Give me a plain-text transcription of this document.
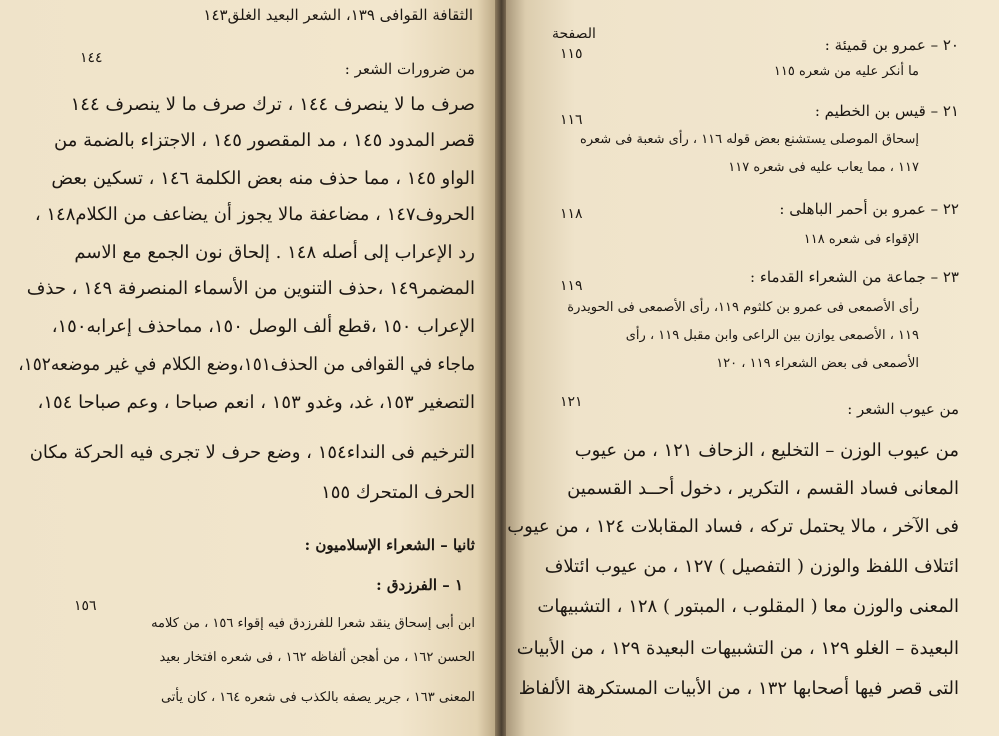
الثقافة القوافى ١٣٩، الشعر البعيد الغلق١٤٣
١٤٤
من ضرورات الشعر :
صرف ما لا ينصرف ١٤٤ ، ترك صرف ما لا ينصرف ١٤٤
قصر المدود ١٤٥ ، مد المقصور ١٤٥ ، الاجتزاء بالضمة من
الواو ١٤٥ ، مما حذف منه بعض الكلمة ١٤٦ ، تسكين بعض
الحروف١٤٧ ، مضاعفة مالا يجوز أن يضاعف من الكلام١٤٨ ،
رد الإعراب إلى أصله ١٤٨ . إلحاق نون الجمع مع الاسم
المضمر١٤٩ ،حذف التنوين من الأسماء المنصرفة ١٤٩ ، حذف
الإعراب ١٥٠ ،قطع ألف الوصل ١٥٠، مماحذف إعرابه١٥٠،
ماجاء في القوافى من الحذف١٥١،وضع الكلام في غير موضعه١٥٢،
التصغير ١٥٣، غد، وغدو ١٥٣ ، انعم صباحا ، وعم صباحا ١٥٤،
الترخيم فى النداء١٥٤ ، وضع حرف لا تجرى فيه الحركة مكان
الحرف المتحرك ١٥٥
ثانيا – الشعراء الإسلاميون :
١ – الفرزدق :
١٥٦
ابن أبى إسحاق ينقد شعرا للفرزدق فيه إقواء ١٥٦ ، من كلامه
الحسن ١٦٢ ، من أهجن ألفاظه ١٦٢ ، فى شعره افتخار بعيد
المعنى ١٦٣ ، جرير يصفه بالكذب فى شعره ١٦٤ ، كان يأتى
الصفحة
٢٠ – عمرو بن قميئة :
١١٥
ما أنكر عليه من شعره ١١٥
٢١ – قيس بن الخطيم :
١١٦
إسحاق الموصلى يستشنع بعض قوله ١١٦ ، رأى شعبة فى شعره
١١٧ ، مما يعاب عليه فى شعره ١١٧
٢٢ – عمرو بن أحمر الباهلى :
١١٨
الإقواء فى شعره ١١٨
٢٣ – جماعة من الشعراء القدماء :
١١٩
رأى الأصمعى فى عمرو بن كلثوم ١١٩، رأى الأصمعى فى الحويدرة
١١٩ ، الأصمعى يوازن بين الراعى وابن مقبل ١١٩ ، رأى
الأصمعى فى بعض الشعراء ١١٩ ، ١٢٠
من عيوب الشعر :
١٢١
من عيوب الوزن – التخليع ، الزحاف ١٢١ ، من عيوب
المعانى فساد القسم ، التكرير ، دخول أحــد القسمين
فى الآخر ، مالا يحتمل تركه ، فساد المقابلات ١٢٤ ، من عيوب
ائتلاف اللفظ والوزن ( التفصيل ) ١٢٧ ، من عيوب ائتلاف
المعنى والوزن معا ( المقلوب ، المبتور ) ١٢٨ ، التشبيهات
البعيدة – الغلو ١٢٩ ، من التشبيهات البعيدة ١٢٩ ، من الأبيات
التى قصر فيها أصحابها ١٣٢ ، من الأبيات المستكرهة الألفاظ
